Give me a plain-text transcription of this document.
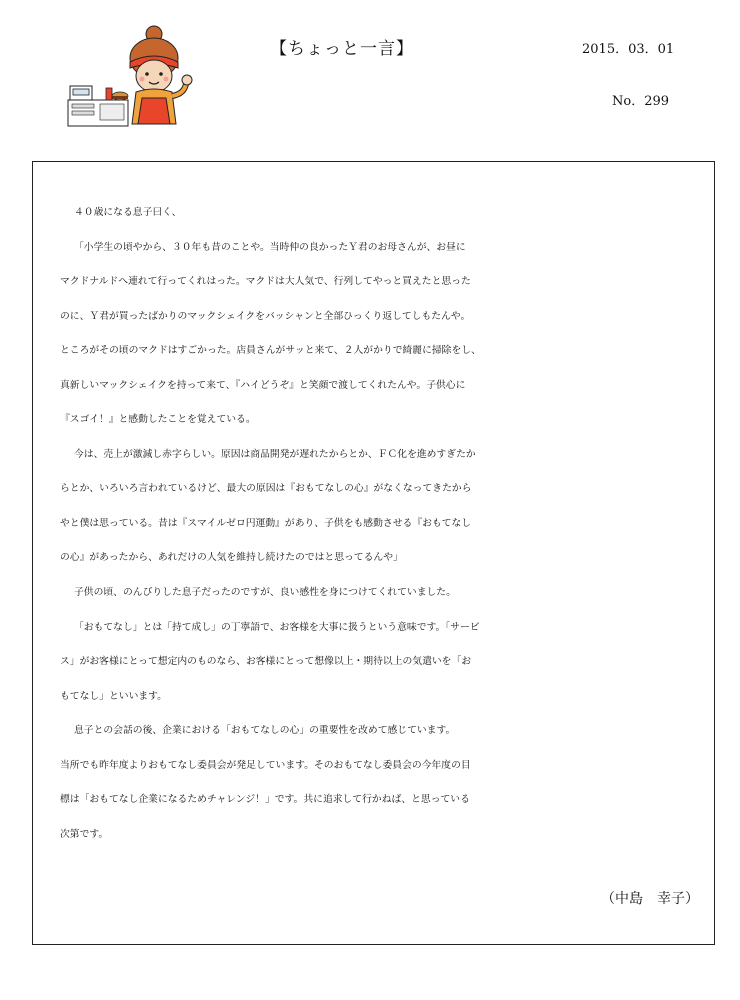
【ちょっと一言】	2015．03．01
No．299
４０歳になる息子曰く、
「小学生の頃やから、３０年も昔のことや。当時仲の良かったＹ君のお母さんが、お昼に
マクドナルドへ連れて行ってくれはった。マクドは大人気で、行列してやっと買えたと思った
のに、Ｙ君が買ったばかりのマックシェイクをバッシャンと全部ひっくり返してしもたんや。
ところがその頃のマクドはすごかった。店員さんがサッと来て、２人がかりで綺麗に掃除をし、
真新しいマックシェイクを持って来て、『ハイどうぞ』と笑顔で渡してくれたんや。子供心に
『スゴイ！』と感動したことを覚えている。
今は、売上が激減し赤字らしい。原因は商品開発が遅れたからとか、ＦＣ化を進めすぎたか
らとか、いろいろ言われているけど、最大の原因は『おもてなしの心』がなくなってきたから
やと僕は思っている。昔は『スマイルゼロ円運動』があり、子供をも感動させる『おもてなし
の心』があったから、あれだけの人気を維持し続けたのではと思ってるんや」
子供の頃、のんびりした息子だったのですが、良い感性を身につけてくれていました。
「おもてなし」とは「持て成し」の丁寧語で、お客様を大事に扱うという意味です。「サービ
ス」がお客様にとって想定内のものなら、お客様にとって想像以上・期待以上の気遣いを「お
もてなし」といいます。
息子との会話の後、企業における「おもてなしの心」の重要性を改めて感じています。
当所でも昨年度よりおもてなし委員会が発足しています。そのおもてなし委員会の今年度の目
標は「おもてなし企業になるためチャレンジ！」です。共に追求して行かねば、と思っている
次第です。
（中島　幸子）
